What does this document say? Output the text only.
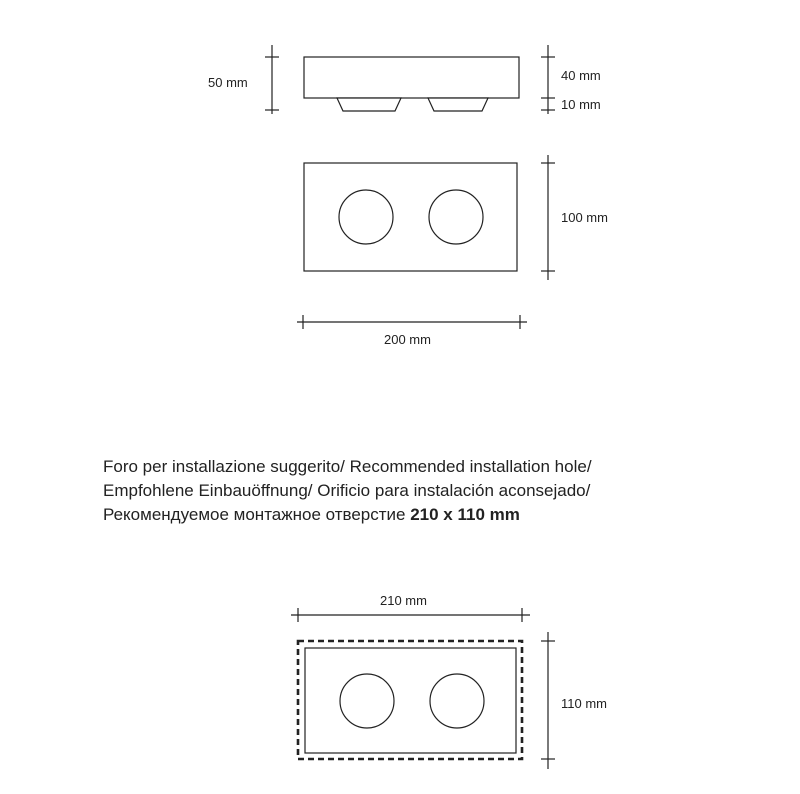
50 mm	40 mm
10 mm
100 mm
200 mm
210 mm
110 mm
Foro per installazione suggerito/ Recommended installation hole/
Empfohlene Einbauöffnung/ Orificio para instalación aconsejado/
Рекомендуемое монтажное отверстие 210 x 110 mm
